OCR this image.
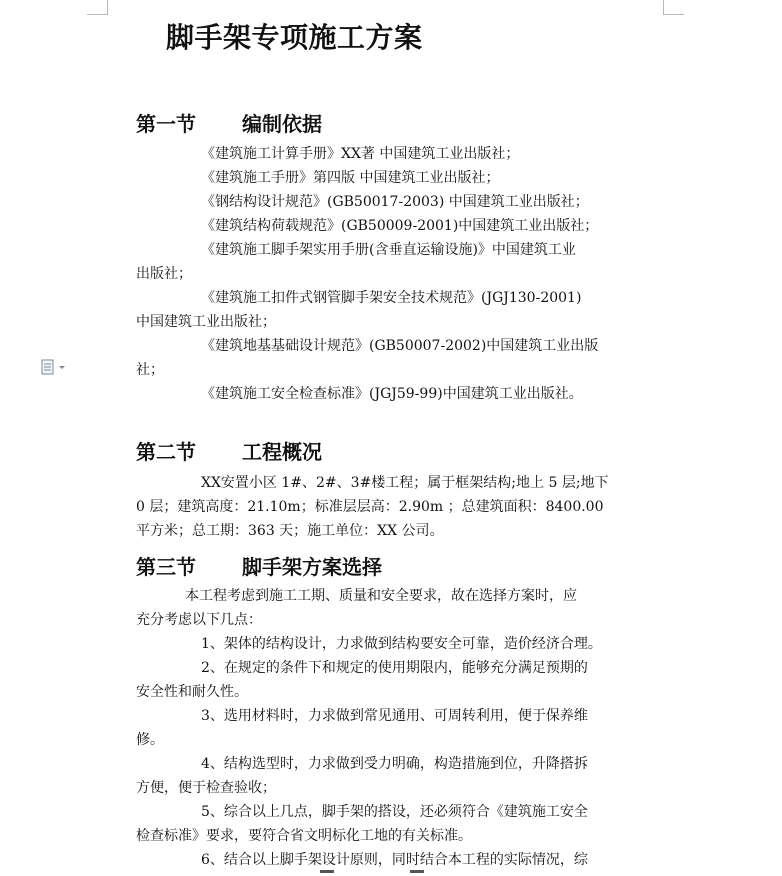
脚手架专项施工方案
第一节 编制依据
《建筑施工计算手册》XX著 中国建筑工业出版社；
《建筑施工手册》第四版 中国建筑工业出版社；
《钢结构设计规范》(GB50017-2003) 中国建筑工业出版社；
《建筑结构荷载规范》(GB50009-2001)中国建筑工业出版社；
《建筑施工脚手架实用手册(含垂直运输设施)》中国建筑工业
出版社；
《建筑施工扣件式钢管脚手架安全技术规范》(JGJ130-2001)
中国建筑工业出版社；
《建筑地基基础设计规范》(GB50007-2002)中国建筑工业出版
社；
《建筑施工安全检查标准》(JGJ59-99)中国建筑工业出版社。
第二节 工程概况
XX安置小区 1#、2#、3#楼工程；属于框架结构;地上 5 层;地下
0 层；建筑高度：21.10m；标准层层高：2.90m ；总建筑面积：8400.00
平方米；总工期：363 天；施工单位：XX 公司。
第三节 脚手架方案选择
本工程考虑到施工工期、质量和安全要求，故在选择方案时，应
充分考虑以下几点：
1、架体的结构设计，力求做到结构要安全可靠，造价经济合理。
2、在规定的条件下和规定的使用期限内，能够充分满足预期的
安全性和耐久性。
3、选用材料时，力求做到常见通用、可周转利用，便于保养维
修。
4、结构选型时，力求做到受力明确，构造措施到位，升降搭拆
方便，便于检查验收；
5、综合以上几点，脚手架的搭设，还必须符合《建筑施工安全
检查标准》要求，要符合省文明标化工地的有关标准。
6、结合以上脚手架设计原则，同时结合本工程的实际情况，综
